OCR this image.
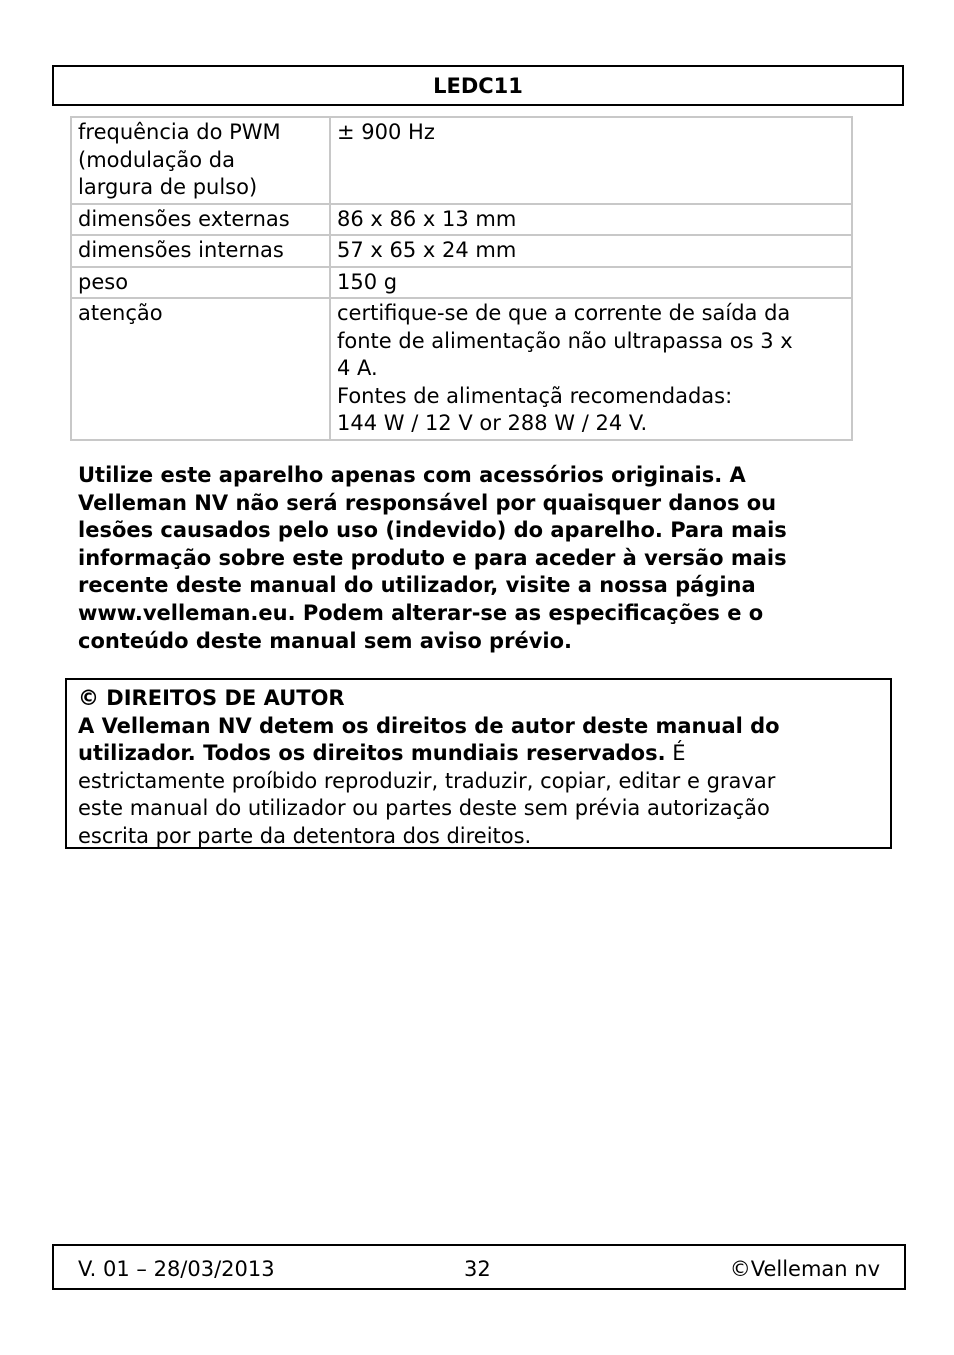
LEDC11
frequência do PWM
(modulação da
largura de pulso)	± 900 Hz

dimensões externas	86 x 86 x 13 mm

dimensões internas	57 x 65 x 24 mm

peso	150 g

atenção	certifique-se de que a corrente de saída da
fonte de alimentação não ultrapassa os 3 x
4 A.
Fontes de alimentaçã recomendadas:
144 W / 12 V or 288 W / 24 V.
Utilize este aparelho apenas com acessórios originais. A
Velleman NV não será responsável por quaisquer danos ou
lesões causados pelo uso (indevido) do aparelho. Para mais
informação sobre este produto e para aceder à versão mais
recente deste manual do utilizador, visite a nossa página
www.velleman.eu. Podem alterar-se as especificações e o
conteúdo deste manual sem aviso prévio.
© DIREITOS DE AUTOR
A Velleman NV detem os direitos de autor deste manual do
utilizador. Todos os direitos mundiais reservados. É
estrictamente proíbido reproduzir, traduzir, copiar, editar e gravar
este manual do utilizador ou partes deste sem prévia autorização
escrita por parte da detentora dos direitos.
V. 01 – 28/03/2013	32	©Velleman nv
